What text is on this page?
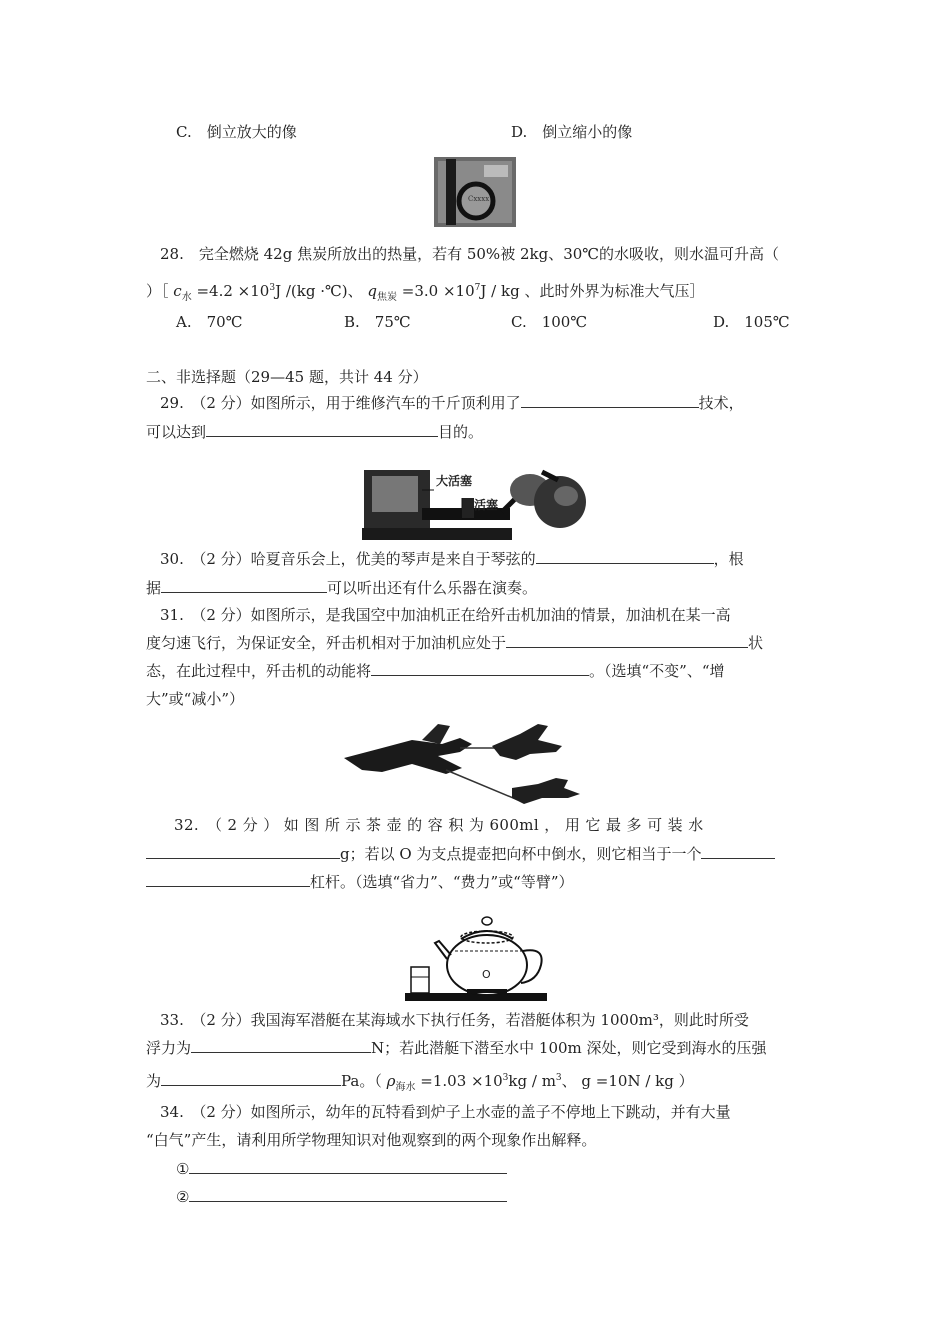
C.　倒立放大的像	D.　倒立缩小的像
Cxxxx
28.　完全燃烧 42g 焦炭所放出的热量，若有 50%被 2kg、30℃的水吸收，则水温可升高（
）［ $c_水 =4.2 \times 10^3J$ /(kg ·℃)、 $q_{焦炭} =3.0 \times 10^7J$ / kg 、此时外界为标准大气压］
A.　70℃	B.　75℃	C.　100℃	D.　105℃
二、非选择题（29—45 题，共计 44 分）
29.　（2 分）如图所示，用于维修汽车的千斤顶利用了	技术，
可以达到	目的。
大活塞
小活塞
30.　（2 分）哈夏音乐会上，优美的琴声是来自于琴弦的	，根
据	可以听出还有什么乐器在演奏。
31.　（2 分）如图所示，是我国空中加油机正在给歼击机加油的情景，加油机在某一高
度匀速飞行，为保证安全，歼击机相对于加油机应处于	状
态，在此过程中，歼击机的动能将	。（选填“不变”、“增
大”或“减小”）
32.　（ 2 分 ） 如 图 所 示 茶 壶 的 容 积 为 600ml ， 用 它 最 多 可 装 水
g；若以 O 为支点提壶把向杯中倒水，则它相当于一个
杠杆。（选填“省力”、“费力”或“等臂”）
O
33.　（2 分）我国海军潜艇在某海域水下执行任务，若潜艇体积为 1000m³，则此时所受
浮力为	N；若此潜艇下潜至水中 100m 深处，则它受到海水的压强
为	Pa。（ $\rho_{海水} =1.03 \times 10^3kg / m^3$、 g =10N / kg ）
34.　（2 分）如图所示，幼年的瓦特看到炉子上水壶的盖子不停地上下跳动，并有大量
“白气”产生，请利用所学物理知识对他观察到的两个现象作出解释。
①
②
